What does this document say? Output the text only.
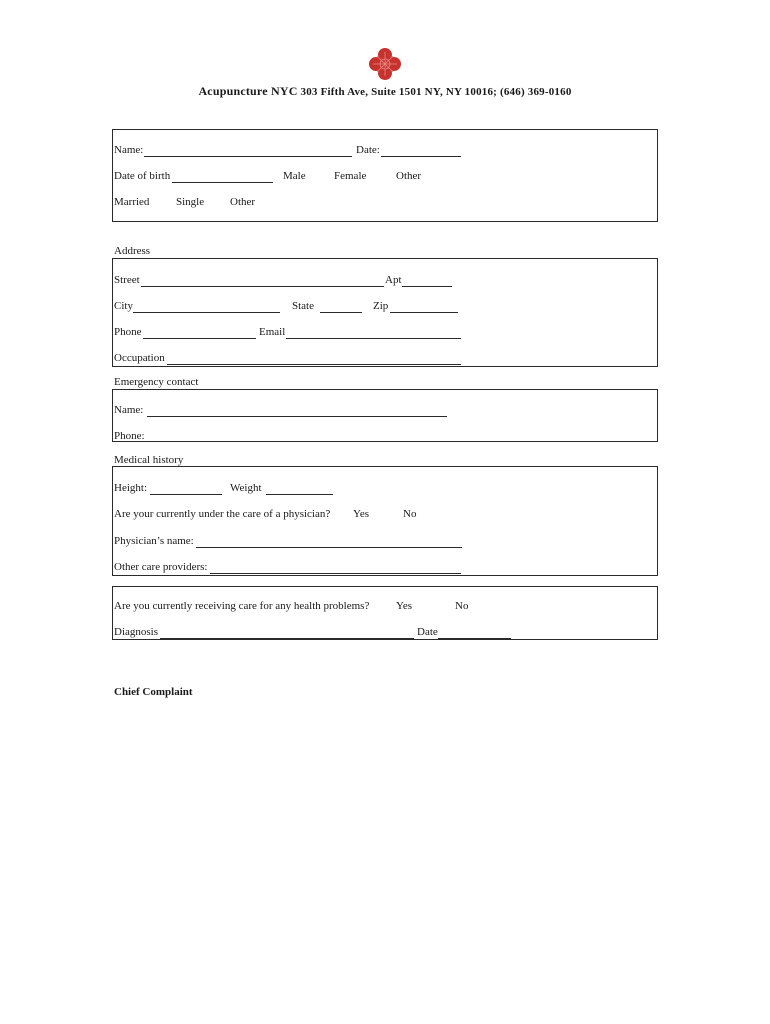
Acupuncture NYC 303 Fifth Ave, Suite 1501 NY, NY 10016; (646) 369-0160
Name:	Date:
Date of birth	Male	Female	Other
Married Single Other
Address
Street	Apt
City	State	Zip
Phone	Email
Occupation
Emergency contact
Name:
Phone:
Medical history
Height:	Weight
Are your currently under the care of a physician? Yes	No
Physician’s name:
Other care providers:
Are you currently receiving care for any health problems? Yes	No
Diagnosis	Date
Chief Complaint
